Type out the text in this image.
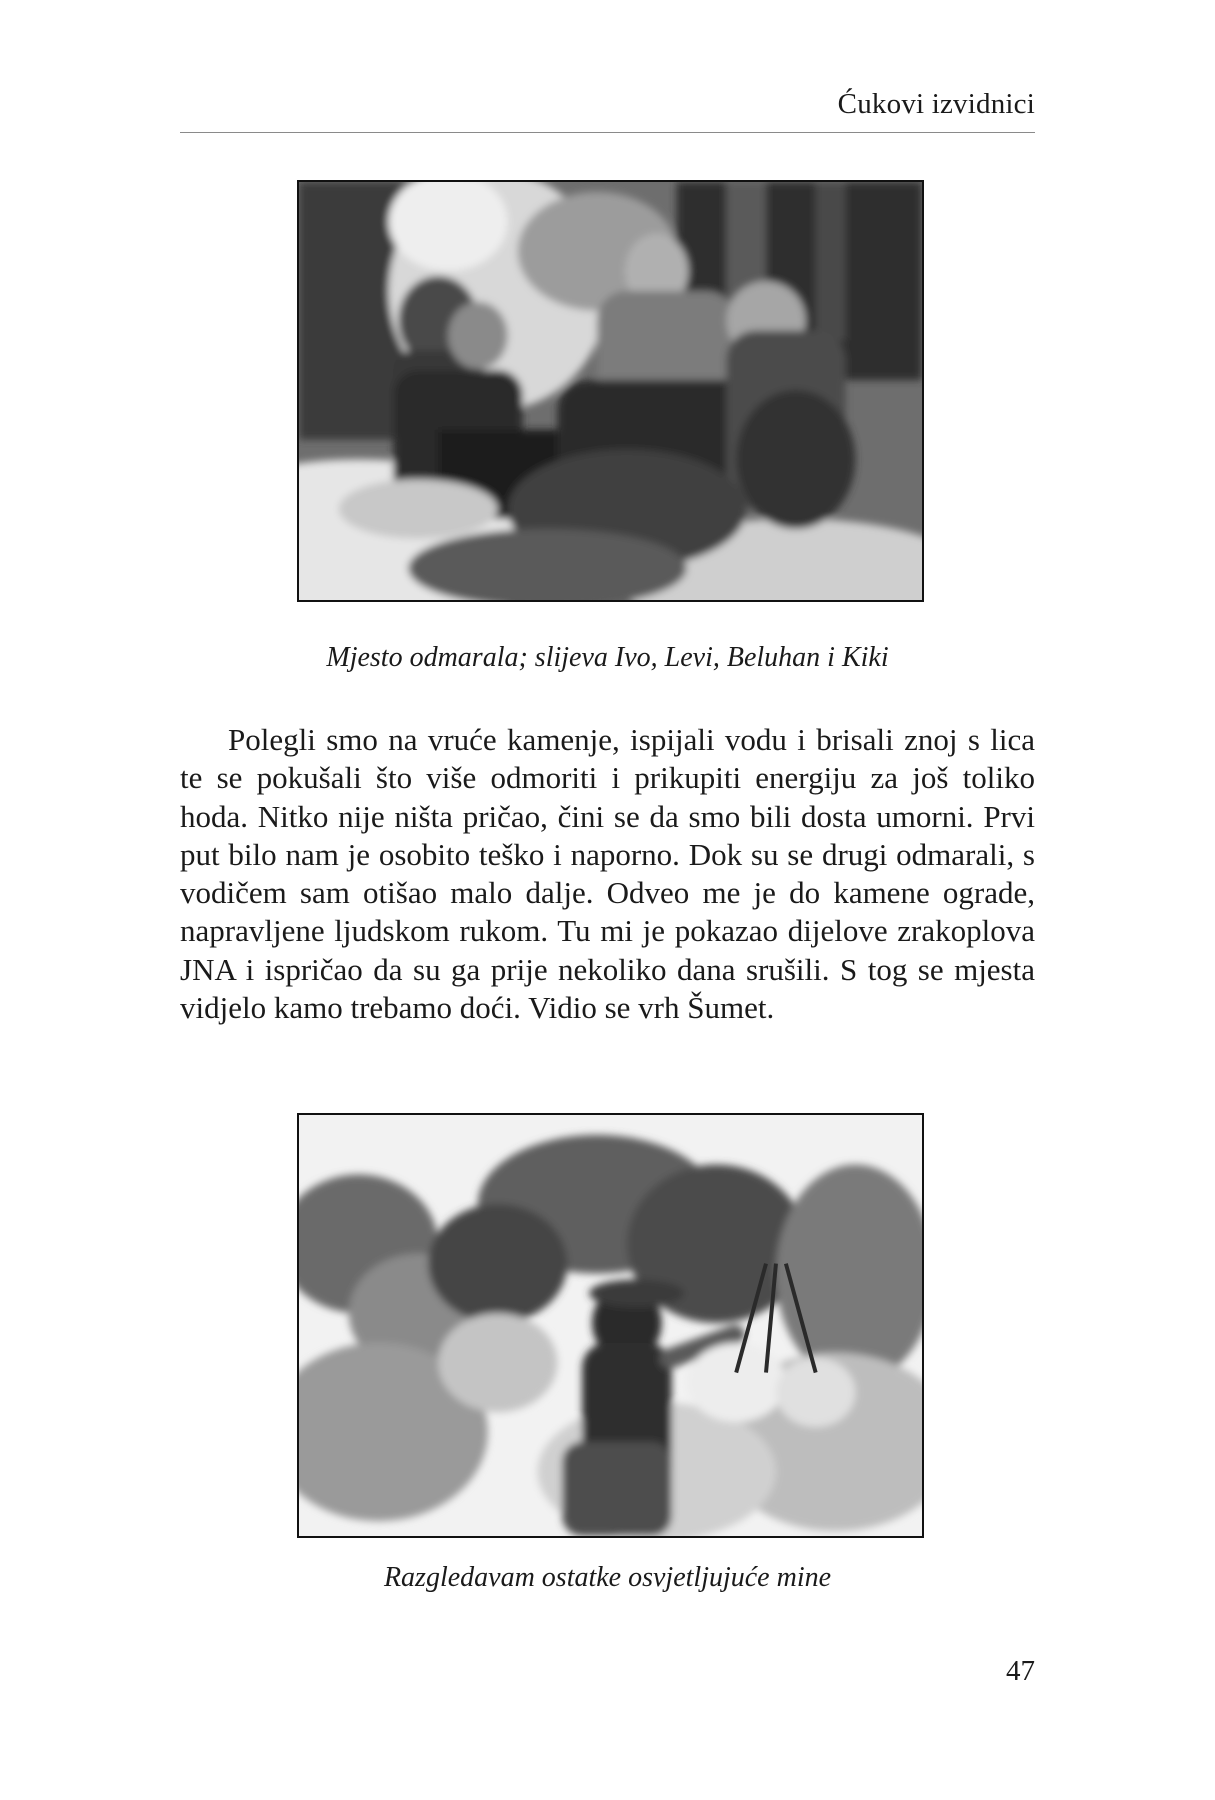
Ćukovi izvidnici
Mjesto odmarala; slijeva Ivo, Levi, Beluhan i Kiki

Polegli smo na vruće kamenje, ispijali vodu i brisali znoj s lica te se pokušali što više odmoriti i prikupiti energiju za još toliko hoda. Nitko nije ništa pričao, čini se da smo bili dosta umorni. Prvi put bilo nam je osobito teško i naporno. Dok su se drugi odmarali, s vodičem sam otišao malo dalje. Odveo me je do kamene ograde, napravljene ljudskom rukom. Tu mi je pokazao dijelove zrakoplova JNA i ispričao da su ga prije nekoliko dana srušili. S tog se mjesta vidjelo kamo trebamo doći. Vidio se vrh Šumet.

Razgledavam ostatke osvjetljujuće mine
47
